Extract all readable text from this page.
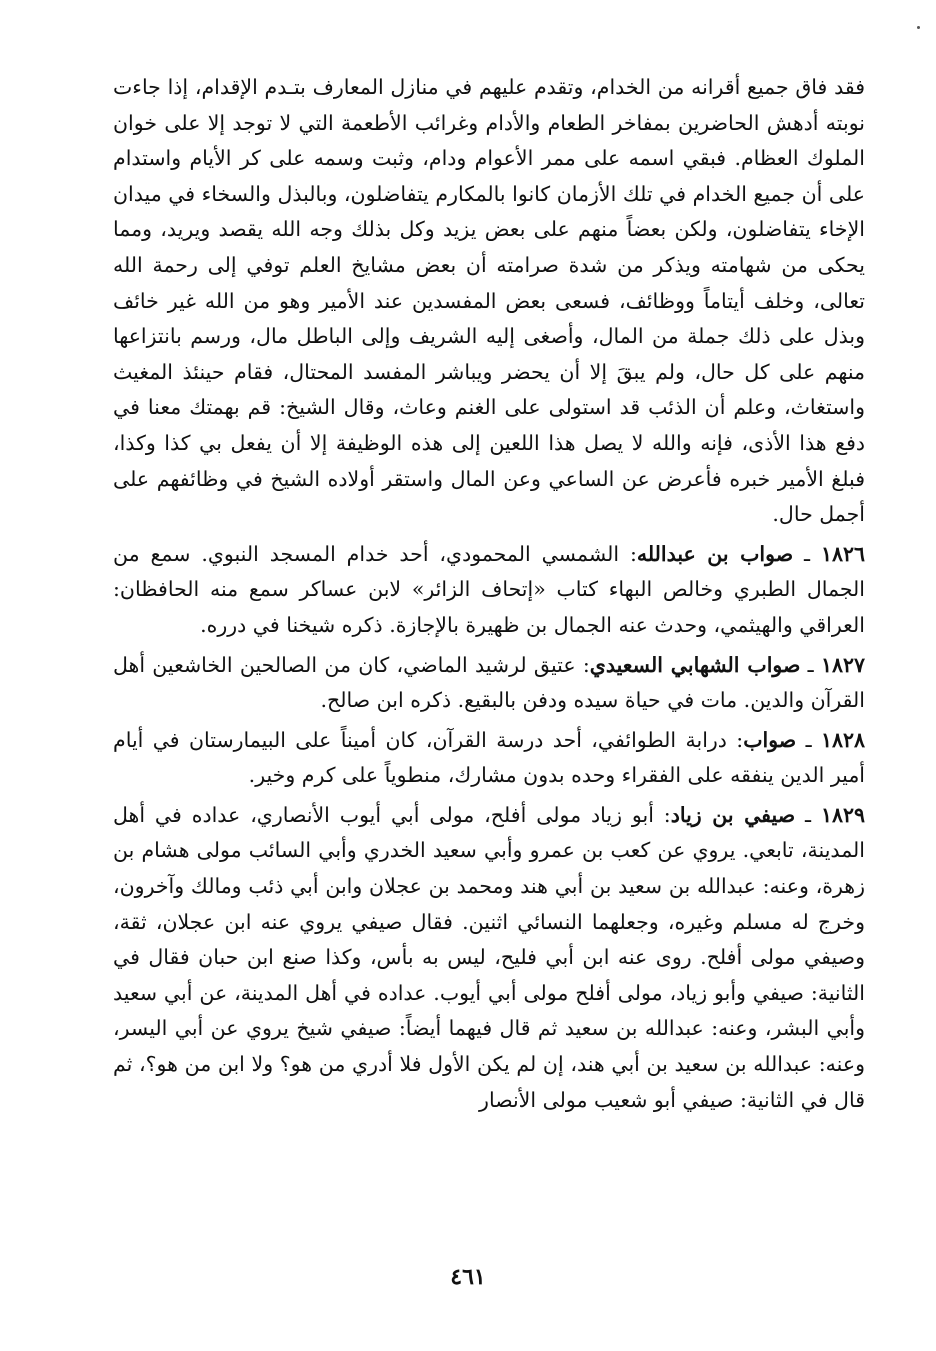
فقد فاق جميع أقرانه من الخدام، وتقدم عليهم في منازل المعارف بتـدم الإقدام، إذا جاءت نوبته أدهش الحاضرين بمفاخر الطعام والأدام وغرائب الأطعمة التي لا توجد إلا على خوان الملوك العظام. فبقي اسمه على ممر الأعوام ودام، وثبت وسمه على كر الأيام واستدام على أن جميع الخدام في تلك الأزمان كانوا بالمكارم يتفاضلون، وبالبذل والسخاء في ميدان الإخاء يتفاضلون، ولكن بعضاً منهم على بعض يزيد وكل بذلك وجه الله يقصد ويريد، ومما يحكى من شهامته ويذكر من شدة صرامته أن بعض مشايخ العلم توفي إلى رحمة الله تعالى، وخلف أيتاماً ووظائف، فسعى بعض المفسدين عند الأمير وهو من الله غير خائف وبذل على ذلك جملة من المال، وأصغى إليه الشريف وإلى الباطل مال، ورسم بانتزاعها منهم على كل حال، ولم يبقَ إلا أن يحضر ويباشر المفسد المحتال، فقام حينئذ المغيث واستغاث، وعلم أن الذئب قد استولى على الغنم وعاث، وقال الشيخ: قم بهمتك معنا في دفع هذا الأذى، فإنه والله لا يصل هذا اللعين إلى هذه الوظيفة إلا أن يفعل بي كذا وكذا، فبلغ الأمير خبره فأعرض عن الساعي وعن المال واستقر أولاده الشيخ في وظائفهم على أجمل حال.

١٨٢٦ ـ صواب بن عبدالله: الشمسي المحمودي، أحد خدام المسجد النبوي. سمع من الجمال الطبري وخالص البهاء كتاب «إتحاف الزائر» لابن عساكر سمع منه الحافظان: العراقي والهيثمي، وحدث عنه الجمال بن ظهيرة بالإجازة. ذكره شيخنا في درره.

١٨٢٧ ـ صواب الشهابي السعيدي: عتيق لرشيد الماضي، كان من الصالحين الخاشعين أهل القرآن والدين. مات في حياة سيده ودفن بالبقيع. ذكره ابن صالح.

١٨٢٨ ـ صواب: درابة الطوائفي، أحد درسة القرآن، كان أميناً على البيمارستان في أيام أمير الدين ينفقه على الفقراء وحده بدون مشارك، منطوياً على كرم وخير.

١٨٢٩ ـ صيفي بن زياد: أبو زياد مولى أفلح، مولى أبي أيوب الأنصاري، عداده في أهل المدينة، تابعي. يروي عن كعب بن عمرو وأبي سعيد الخدري وأبي السائب مولى هشام بن زهرة، وعنه: عبدالله بن سعيد بن أبي هند ومحمد بن عجلان وابن أبي ذئب ومالك وآخرون، وخرج له مسلم وغيره، وجعلهما النسائي اثنين. فقال صيفي يروي عنه ابن عجلان، ثقة، وصيفي مولى أفلح. روى عنه ابن أبي فليح، ليس به بأس، وكذا صنع ابن حبان فقال في الثانية: صيفي وأبو زياد، مولى أفلح مولى أبي أيوب. عداده في أهل المدينة، عن أبي سعيد وأبي البشر، وعنه: عبدالله بن سعيد ثم قال فيهما أيضاً: صيفي شيخ يروي عن أبي اليسر، وعنه: عبدالله بن سعيد بن أبي هند، إن لم يكن الأول فلا أدري من هو؟ ولا ابن من هو؟، ثم قال في الثانية: صيفي أبو شعيب مولى الأنصار

٤٦١
